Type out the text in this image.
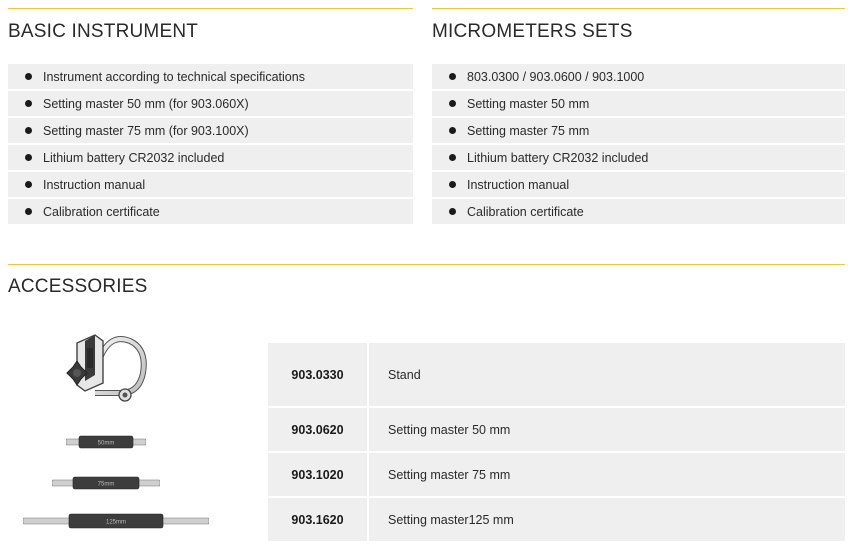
BASIC INSTRUMENT
Instrument according to technical specifications
Setting master 50 mm (for 903.060X)
Setting master 75 mm (for 903.100X)
Lithium battery CR2032 included
Instruction manual
Calibration certificate
MICROMETERS SETS
803.0300 / 903.0600 / 903.1000
Setting master 50 mm
Setting master 75 mm
Lithium battery CR2032 included
Instruction manual
Calibration certificate
ACCESSORIES
50mm
75mm
125mm
903.0330	Stand
903.0620	Setting master 50 mm
903.1020	Setting master 75 mm
903.1620	Setting master125 mm
